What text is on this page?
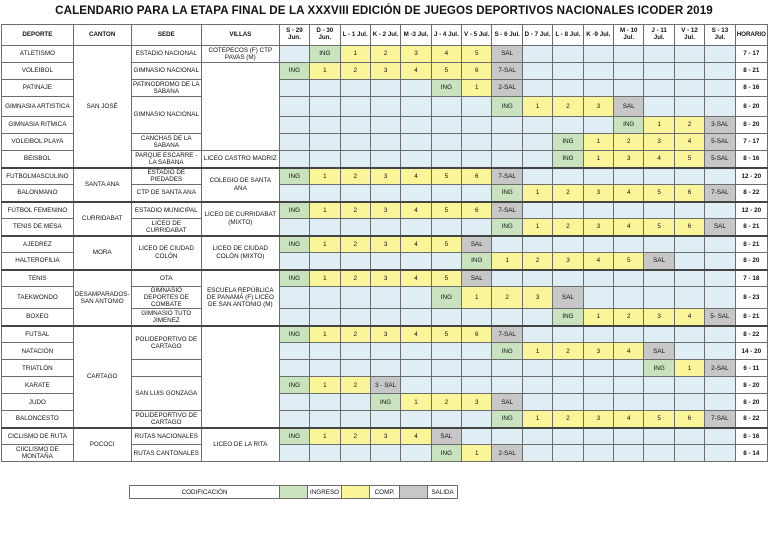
CALENDARIO PARA LA ETAPA FINAL DE LA XXXVIII EDICIÓN DE JUEGOS DEPORTIVOS NACIONALES ICODER 2019
DEPORTE	CANTON	SEDE	VILLAS	S - 29 Jun.	D - 30 Jun.	L - 1 Jul.	K - 2 Jul.	M -3 Jul.	J - 4 Jul.	V - 5 Jul.	S - 6 Jul.	D - 7 Jul.	L - 8 Jul.	K -9 Jul.	M - 10 Jul.	J - 11 Jul.	V - 12 Jul.	S - 13 Jul.	HORARIO
ATLETISMO	SAN JOSÉ	ESTADIO NACIONAL	COTEPECOS (F) CTP PAVAS (M)		ING	1	2	3	4	5	SAL								7 - 17
VOLEIBOL		GIMNASIO NACIONAL		ING	1	2	3	4	5	6	7-SAL								8 - 21
PATINAJE		PATINODROMO DE LA SABANA							ING	1	2-SAL								8 - 16
GIMNASIA ARTISTICA		GIMNASIO NACIONAL									ING	1	2	3	SAL				8 - 20
GIMNASIA RITMICA															ING	1	2	3-SAL	8 - 20
VOLEIBOL PLAYA		CANCHAS DE LA SABANA											ING	1	2	3	4	5-SAL	7 - 17
BEISBOL		PARQUE ESCARRE - LA SABANA	LICEO CASTRO MADRIZ										ING	1	3	4	5	5-SAL	8 - 16
FUTBOLMASCULINO	SANTA ANA	ESTADIO DE PIEDADES	COLEGIO DE SANTA ANA	ING	1	2	3	4	5	6	7-SAL								12 - 20
BALONMANO		CTP DE SANTA ANA									ING	1	2	3	4	5	6	7-SAL	8 - 22
FÚTBOL FEMENINO	CURRIDABAT	ESTADIO MUNICIPAL	LICEO DE CURRIDABAT (MIXTO)	ING	1	2	3	4	5	6	7-SAL								12 - 20
TENIS DE MESA		LICEO DE CURRIDABAT									ING	1	2	3	4	5	6	SAL	8 - 21
AJEDREZ	MORA	LICEO DE CIUDAD COLÓN	LICEO DE CIUDAD COLÓN (MIXTO)	ING	1	2	3	4	5	SAL									8 - 21
HALTEROFILIA										ING	1	2	3	4	5	SAL			8 - 20
TENIS	DESAMPARADOS-SAN ANTONIO	OTA	ESCUELA REPÚBLICA DE PANAMÁ (F) LICEO DE SAN ANTONIO (M)	ING	1	2	3	4	5	SAL									7 - 18
TAEKWONDO		GIMNASIO DEPORTES DE COMBATE							ING	1	2	3	SAL						8 - 23
BOXEO		GIMNASIO TUTO JIMENEZ											ING	1	2	3	4	5- SAL	8 - 21
FUTSAL	CARTAGO	POLIDEPORTIVO DE CARTAGO		ING	1	2	3	4	5	6	7-SAL								8 - 22
NATACIÓN											ING	1	2	3	4	SAL			14 - 20
TRIATLÓN																ING	1	2-SAL	6 - 11
KARATE		SAN LUIS GONZAGA		ING	1	2	3 - SAL												8 - 20
JUDO							ING	1	2	3	SAL								8 - 20
BALONCESTO		POLIDEPORTIVO DE CARTAGO									ING	1	2	3	4	5	6	7-SAL	8 - 22
CICLISMO DE RUTA	POCOCI	RUTAS NACIONALES	LICEO DE LA RITA	ING	1	2	3	4	SAL										8 - 16
CIICLISMO DE MONTAÑA		RUTAS CANTONALES							ING	1	2-SAL								8 - 14
CODIFICACIÓN		INGRESO		COMP.		SALIDA
